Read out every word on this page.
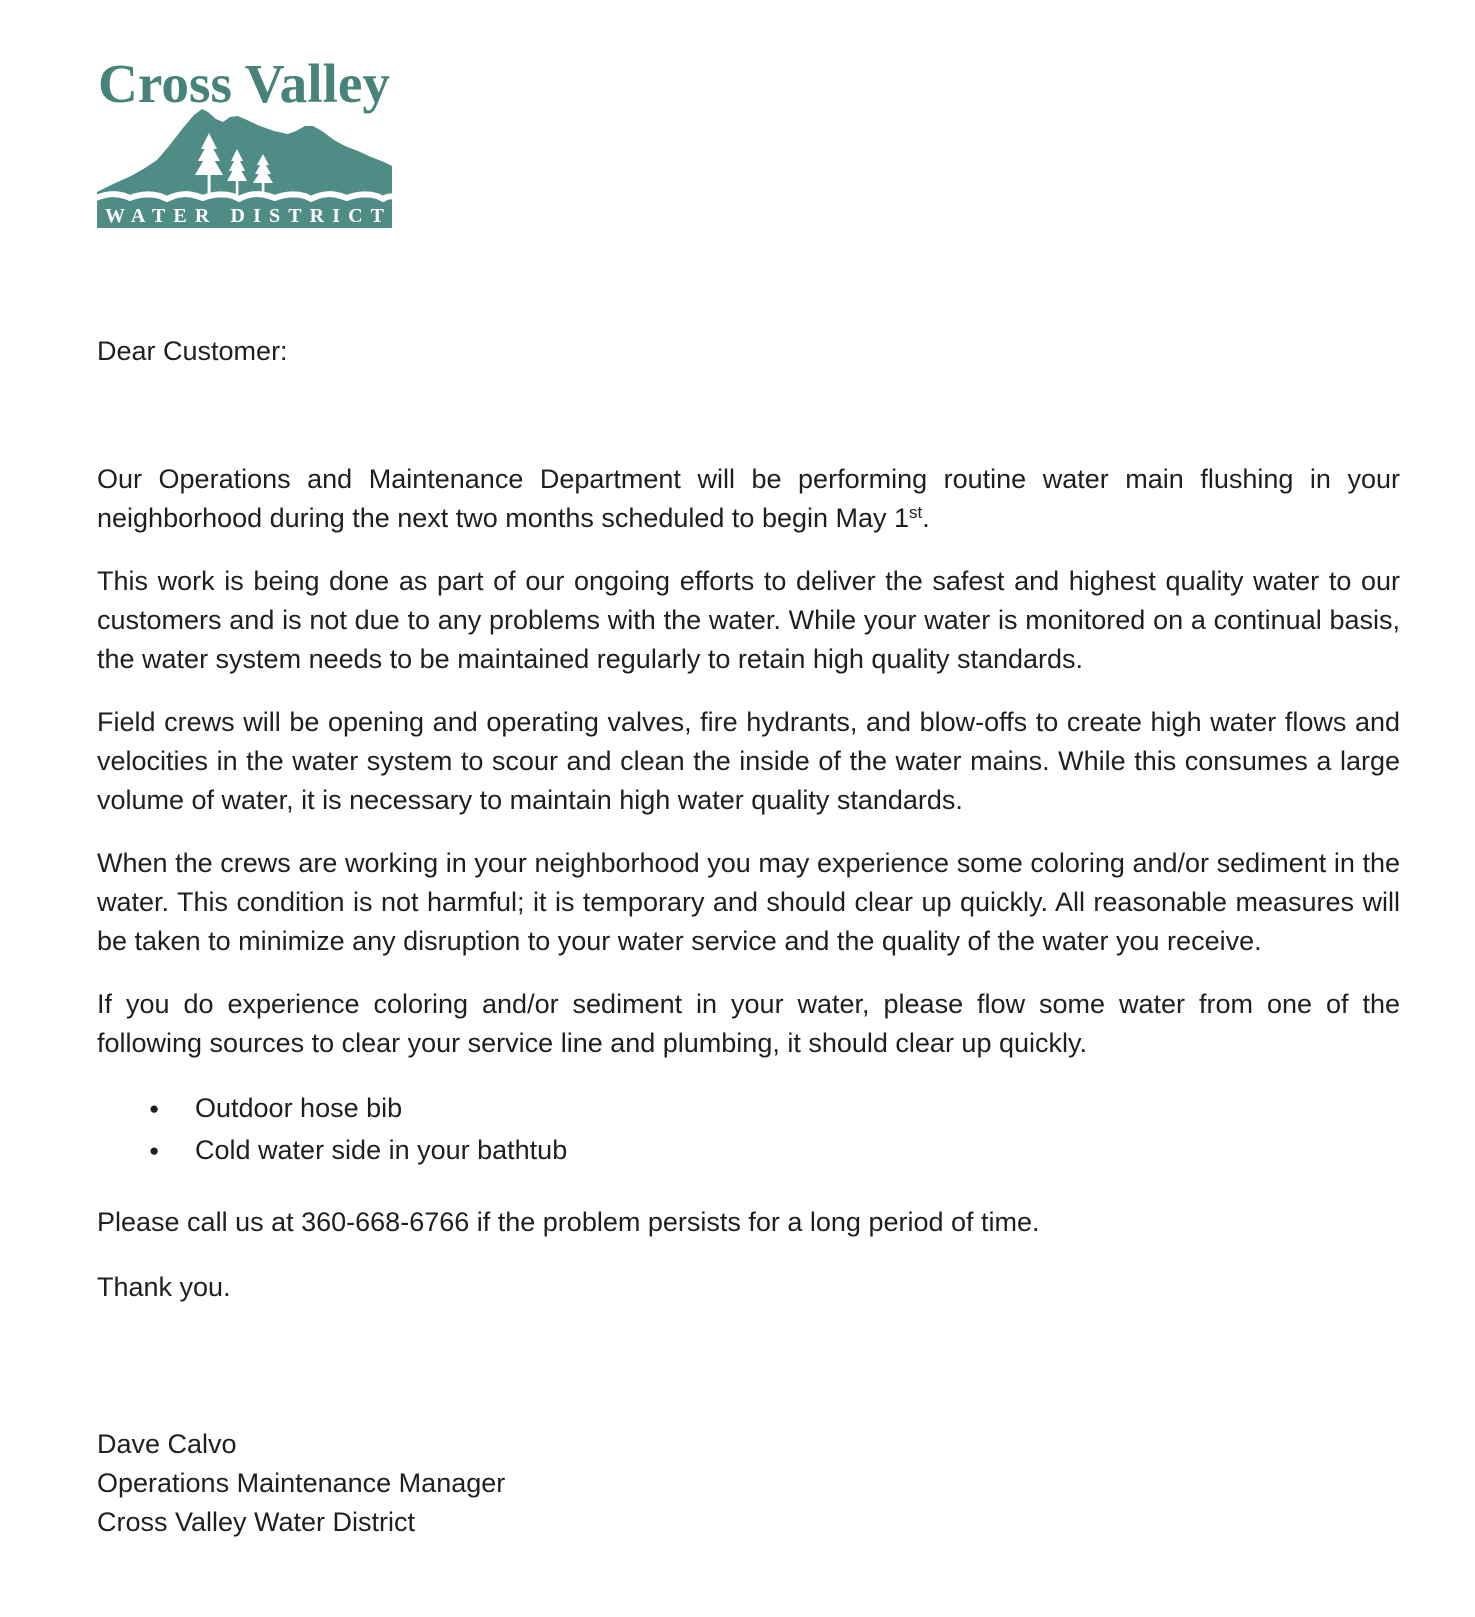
Cross Valley
WATER DISTRICT

Dear Customer:

Our Operations and Maintenance Department will be performing routine water main flushing in your neighborhood during the next two months scheduled to begin May 1st.

This work is being done as part of our ongoing efforts to deliver the safest and highest quality water to our customers and is not due to any problems with the water. While your water is monitored on a continual basis, the water system needs to be maintained regularly to retain high quality standards.

Field crews will be opening and operating valves, fire hydrants, and blow-offs to create high water flows and velocities in the water system to scour and clean the inside of the water mains. While this consumes a large volume of water, it is necessary to maintain high water quality standards.

When the crews are working in your neighborhood you may experience some coloring and/or sediment in the water. This condition is not harmful; it is temporary and should clear up quickly. All reasonable measures will be taken to minimize any disruption to your water service and the quality of the water you receive.

If you do experience coloring and/or sediment in your water, please flow some water from one of the following sources to clear your service line and plumbing, it should clear up quickly.

● Outdoor hose bib
● Cold water side in your bathtub

Please call us at 360-668-6766 if the problem persists for a long period of time.

Thank you.

Dave Calvo

Operations Maintenance Manager

Cross Valley Water District
